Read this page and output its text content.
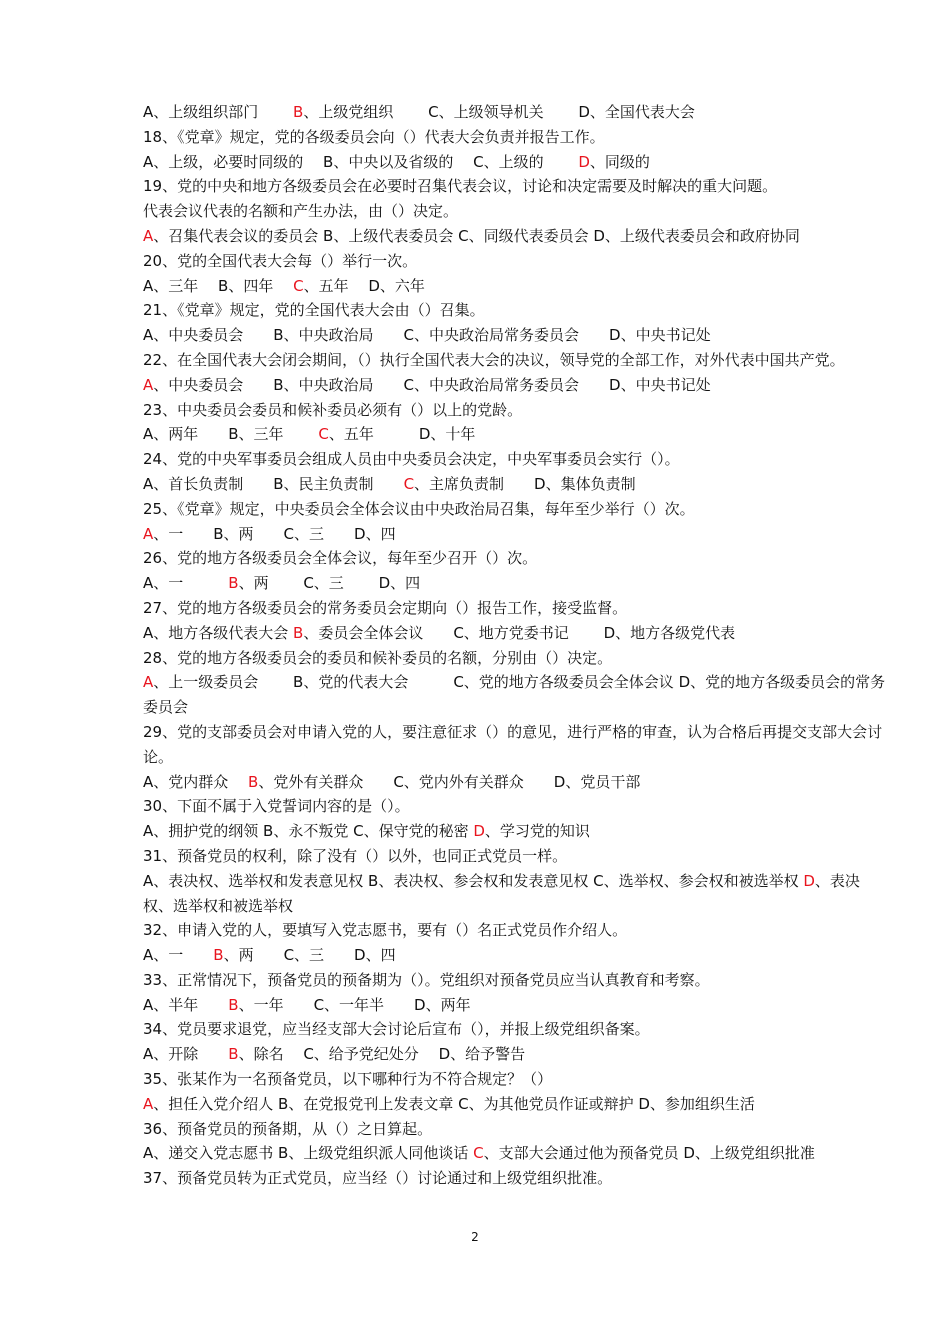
A、上级组织部门　　 B、上级党组织　　 C、上级领导机关　　 D、全国代表大会
18、《党章》规定，党的各级委员会向（）代表大会负责并报告工作。
A、上级，必要时同级的　 B、中央以及省级的　 C、上级的　　 D、同级的
19、党的中央和地方各级委员会在必要时召集代表会议，讨论和决定需要及时解决的重大问题。
代表会议代表的名额和产生办法，由（）决定。
A、召集代表会议的委员会 B、上级代表委员会 C、同级代表委员会 D、上级代表委员会和政府协同
20、党的全国代表大会每（）举行一次。
A、三年　 B、四年　 C、五年　 D、六年
21、《党章》规定，党的全国代表大会由（）召集。
A、中央委员会　　B、中央政治局　　C、中央政治局常务委员会　　D、中央书记处
22、在全国代表大会闭会期间，（）执行全国代表大会的决议，领导党的全部工作，对外代表中国共产党。
A、中央委员会　　B、中央政治局　　C、中央政治局常务委员会　　D、中央书记处
23、中央委员会委员和候补委员必须有（）以上的党龄。
A、两年　　B、三年　　 C、五年　　　D、十年
24、党的中央军事委员会组成人员由中央委员会决定，中央军事委员会实行（）。
A、首长负责制　　B、民主负责制　　C、主席负责制　　D、集体负责制
25、《党章》规定，中央委员会全体会议由中央政治局召集，每年至少举行（）次。
A、一　　B、两　　C、三　　D、四
26、党的地方各级委员会全体会议，每年至少召开（）次。
A、一　　　B、两　　 C、三　　 D、四
27、党的地方各级委员会的常务委员会定期向（）报告工作，接受监督。
A、地方各级代表大会 B、委员会全体会议　　C、地方党委书记　　 D、地方各级党代表
28、党的地方各级委员会的委员和候补委员的名额，分别由（）决定。
A、上一级委员会　　 B、党的代表大会　　　C、党的地方各级委员会全体会议 D、党的地方各级委员会的常务委员会
29、党的支部委员会对申请入党的人，要注意征求（）的意见，进行严格的审查，认为合格后再提交支部大会讨论。
A、党内群众　 B、党外有关群众　　C、党内外有关群众　　D、党员干部
30、下面不属于入党誓词内容的是（）。
A、拥护党的纲领 B、永不叛党 C、保守党的秘密 D、学习党的知识
31、预备党员的权利，除了没有（）以外，也同正式党员一样。
A、表决权、选举权和发表意见权 B、表决权、参会权和发表意见权 C、选举权、参会权和被选举权 D、表决权、选举权和被选举权
32、申请入党的人，要填写入党志愿书，要有（）名正式党员作介绍人。
A、一　　B、两　　C、三　　D、四
33、正常情况下，预备党员的预备期为（）。党组织对预备党员应当认真教育和考察。
A、半年　　B、一年　　C、一年半　　D、两年
34、党员要求退党，应当经支部大会讨论后宣布（），并报上级党组织备案。
A、开除　　B、除名　 C、给予党纪处分　 D、给予警告
35、张某作为一名预备党员，以下哪种行为不符合规定？（）
A、担任入党介绍人 B、在党报党刊上发表文章 C、为其他党员作证或辩护 D、参加组织生活
36、预备党员的预备期，从（）之日算起。
A、递交入党志愿书 B、上级党组织派人同他谈话 C、支部大会通过他为预备党员 D、上级党组织批准
37、预备党员转为正式党员，应当经（）讨论通过和上级党组织批准。
2
